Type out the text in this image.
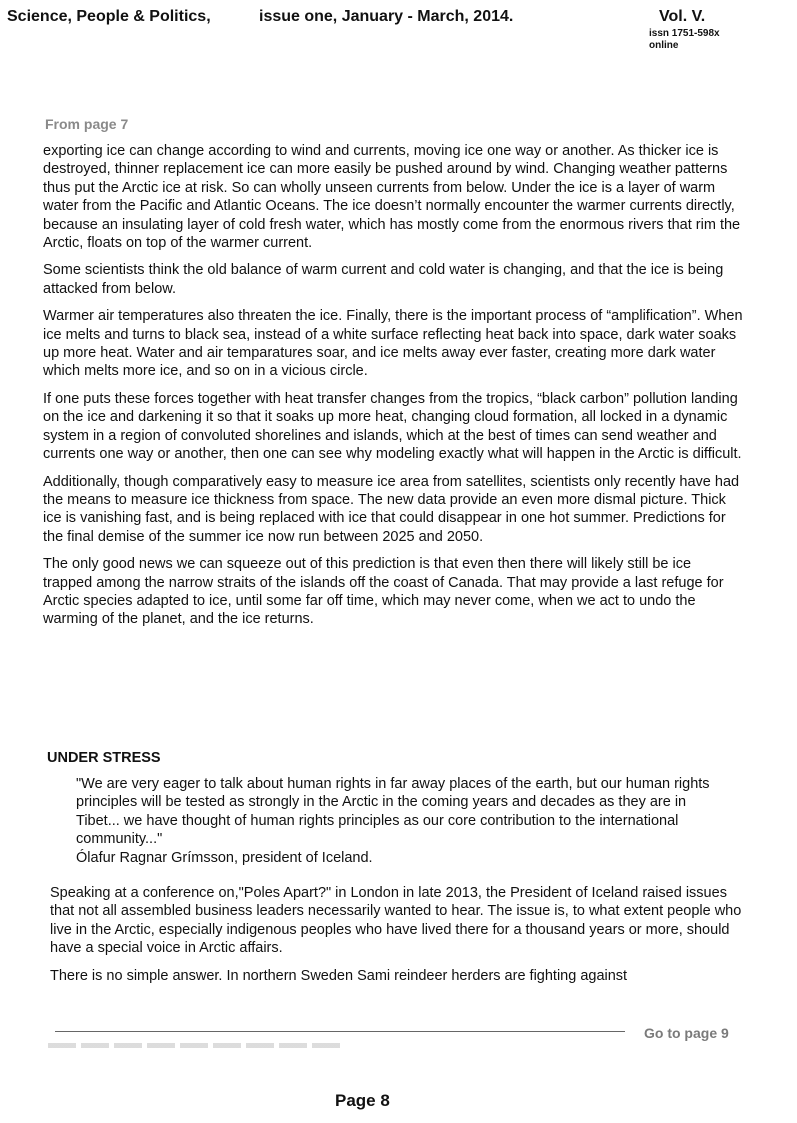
Science, People & Politics,	issue one, January - March, 2014.	Vol. V.
issn 1751-598x
online
From page 7

exporting ice can change according to wind and currents, moving ice one way or another. As thicker ice is destroyed, thinner replacement ice can more easily be pushed around by wind. Changing weather patterns thus put the Arctic ice at risk. So can wholly unseen currents from below. Under the ice is a layer of warm water from the Pacific and Atlantic Oceans. The ice doesn’t normally encounter the warmer currents directly, because an insulating layer of cold fresh water, which has mostly come from the enormous rivers that rim the Arctic, floats on top of the warmer current.

Some scientists think the old balance of warm current and cold water is changing, and that the ice is being attacked from below.

Warmer air temperatures also threaten the ice. Finally, there is the important process of “amplification”. When ice melts and turns to black sea, instead of a white surface reflecting heat back into space, dark water soaks up more heat. Water and air temparatures soar, and ice melts away ever faster, creating more dark water which melts more ice, and so on in a vicious circle.

If one puts these forces together with heat transfer changes from the tropics, “black carbon” pollution landing on the ice and darkening it so that it soaks up more heat, changing cloud formation, all locked in a dynamic system in a region of convoluted shorelines and islands, which at the best of times can send weather and currents one way or another, then one can see why modeling exactly what will happen in the Arctic is difficult.

Additionally, though comparatively easy to measure ice area from satellites, scientists only recently have had the means to measure ice thickness from space. The new data provide an even more dismal picture. Thick ice is vanishing fast, and is being replaced with ice that could disappear in one hot summer. Predictions for the final demise of the summer ice now run between 2025 and 2050.

The only good news we can squeeze out of this prediction is that even then there will likely still be ice trapped among the narrow straits of the islands off the coast of Canada. That may provide a last refuge for Arctic species adapted to ice, until some far off time, which may never come, when we act to undo the warming of the planet, and the ice returns.

UNDER STRESS

"We are very eager to talk about human rights in far away places of the earth, but our human rights principles will be tested as strongly in the Arctic in the coming years and decades as they are in Tibet... we have thought of human rights principles as our core contribution to the international community..."

Ólafur Ragnar Grímsson, president of Iceland.

Speaking at a conference on,"Poles Apart?" in London in late 2013, the President of Iceland raised issues that not all assembled business leaders necessarily wanted to hear. The issue is, to what extent people who live in the Arctic, especially indigenous peoples who have lived there for a thousand years or more, should have a special voice in Arctic affairs.

There is no simple answer. In northern Sweden Sami reindeer herders are fighting against

Go to page 9
Page 8
